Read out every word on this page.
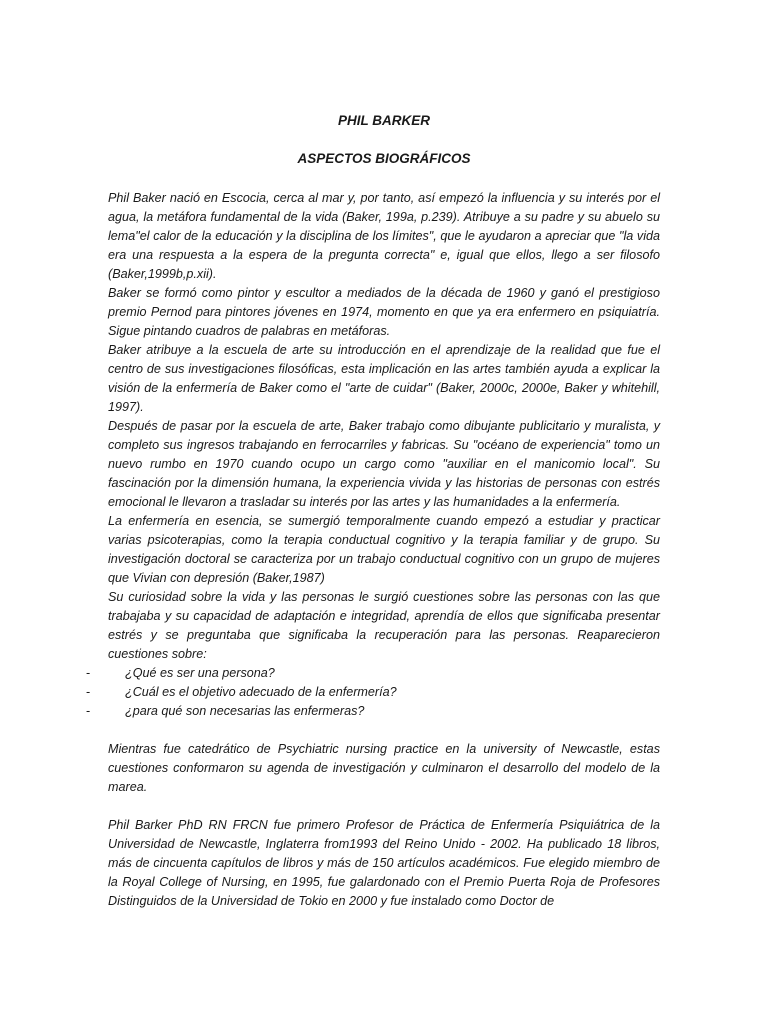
PHIL BARKER
ASPECTOS BIOGRÁFICOS

Phil Baker nació en Escocia, cerca al mar y, por tanto, así empezó la influencia y su interés por el agua, la metáfora fundamental de la vida (Baker, 199a, p.239). Atribuye a su padre y su abuelo su lema"el calor de la educación y la disciplina de los límites", que le ayudaron a apreciar que "la vida era una respuesta a la espera de la pregunta correcta" e, igual que ellos, llego a ser filosofo (Baker,1999b,p.xii).

Baker se formó como pintor y escultor a mediados de la década de 1960 y ganó el prestigioso premio Pernod para pintores jóvenes en 1974, momento en que ya era enfermero en psiquiatría. Sigue pintando cuadros de palabras en metáforas.

Baker atribuye a la escuela de arte su introducción en el aprendizaje de la realidad que fue el centro de sus investigaciones filosóficas, esta implicación en las artes también ayuda a explicar la visión de la enfermería de Baker como el "arte de cuidar" (Baker, 2000c, 2000e, Baker y whitehill, 1997).

Después de pasar por la escuela de arte, Baker trabajo como dibujante publicitario y muralista, y completo sus ingresos trabajando en ferrocarriles y fabricas. Su "océano de experiencia" tomo un nuevo rumbo en 1970 cuando ocupo un cargo como "auxiliar en el manicomio local". Su fascinación por la dimensión humana, la experiencia vivida y las historias de personas con estrés emocional le llevaron a trasladar su interés por las artes y las humanidades a la enfermería.

La enfermería en esencia, se sumergió temporalmente cuando empezó a estudiar y practicar varias psicoterapias, como la terapia conductual cognitivo y la terapia familiar y de grupo. Su investigación doctoral se caracteriza por un trabajo conductual cognitivo con un grupo de mujeres que Vivian con depresión (Baker,1987)

Su curiosidad sobre la vida y las personas le surgió cuestiones sobre las personas con las que trabajaba y su capacidad de adaptación e integridad, aprendía de ellos que significaba presentar estrés y se preguntaba que significaba la recuperación para las personas. Reaparecieron cuestiones sobre:

-	¿Qué es ser una persona?
-	¿Cuál es el objetivo adecuado de la enfermería?
-	¿para qué son necesarias las enfermeras?

Mientras fue catedrático de Psychiatric nursing practice en la university of Newcastle, estas cuestiones conformaron su agenda de investigación y culminaron el desarrollo del modelo de la marea.

Phil Barker PhD RN FRCN fue primero Profesor de Práctica de Enfermería Psiquiátrica de la Universidad de Newcastle, Inglaterra from1993 del Reino Unido - 2002. Ha publicado 18 libros, más de cincuenta capítulos de libros y más de 150 artículos académicos. Fue elegido miembro de la Royal College of Nursing, en 1995, fue galardonado con el Premio Puerta Roja de Profesores Distinguidos de la Universidad de Tokio en 2000 y fue instalado como Doctor de
